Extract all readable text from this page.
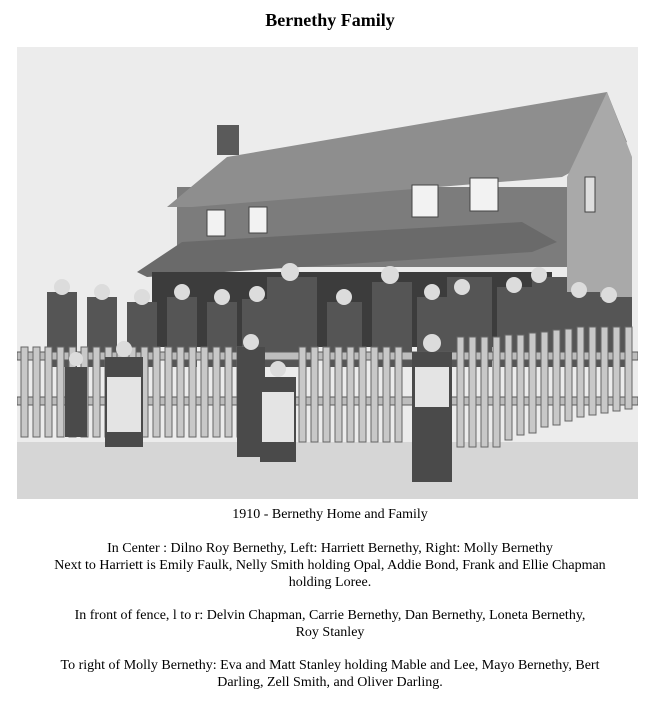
Bernethy Family
1910 - Bernethy Home and Family
In Center : Dilno Roy Bernethy, Left: Harriett Bernethy, Right: Molly Bernethy
Next to Harriett is Emily Faulk, Nelly Smith holding Opal, Addie Bond, Frank and Ellie Chapman
holding Loree.
In front of fence, l to r: Delvin Chapman, Carrie Bernethy, Dan Bernethy, Loneta Bernethy,
Roy Stanley
To right of Molly Bernethy: Eva and Matt Stanley holding Mable and Lee, Mayo Bernethy, Bert
Darling, Zell Smith, and Oliver Darling.
